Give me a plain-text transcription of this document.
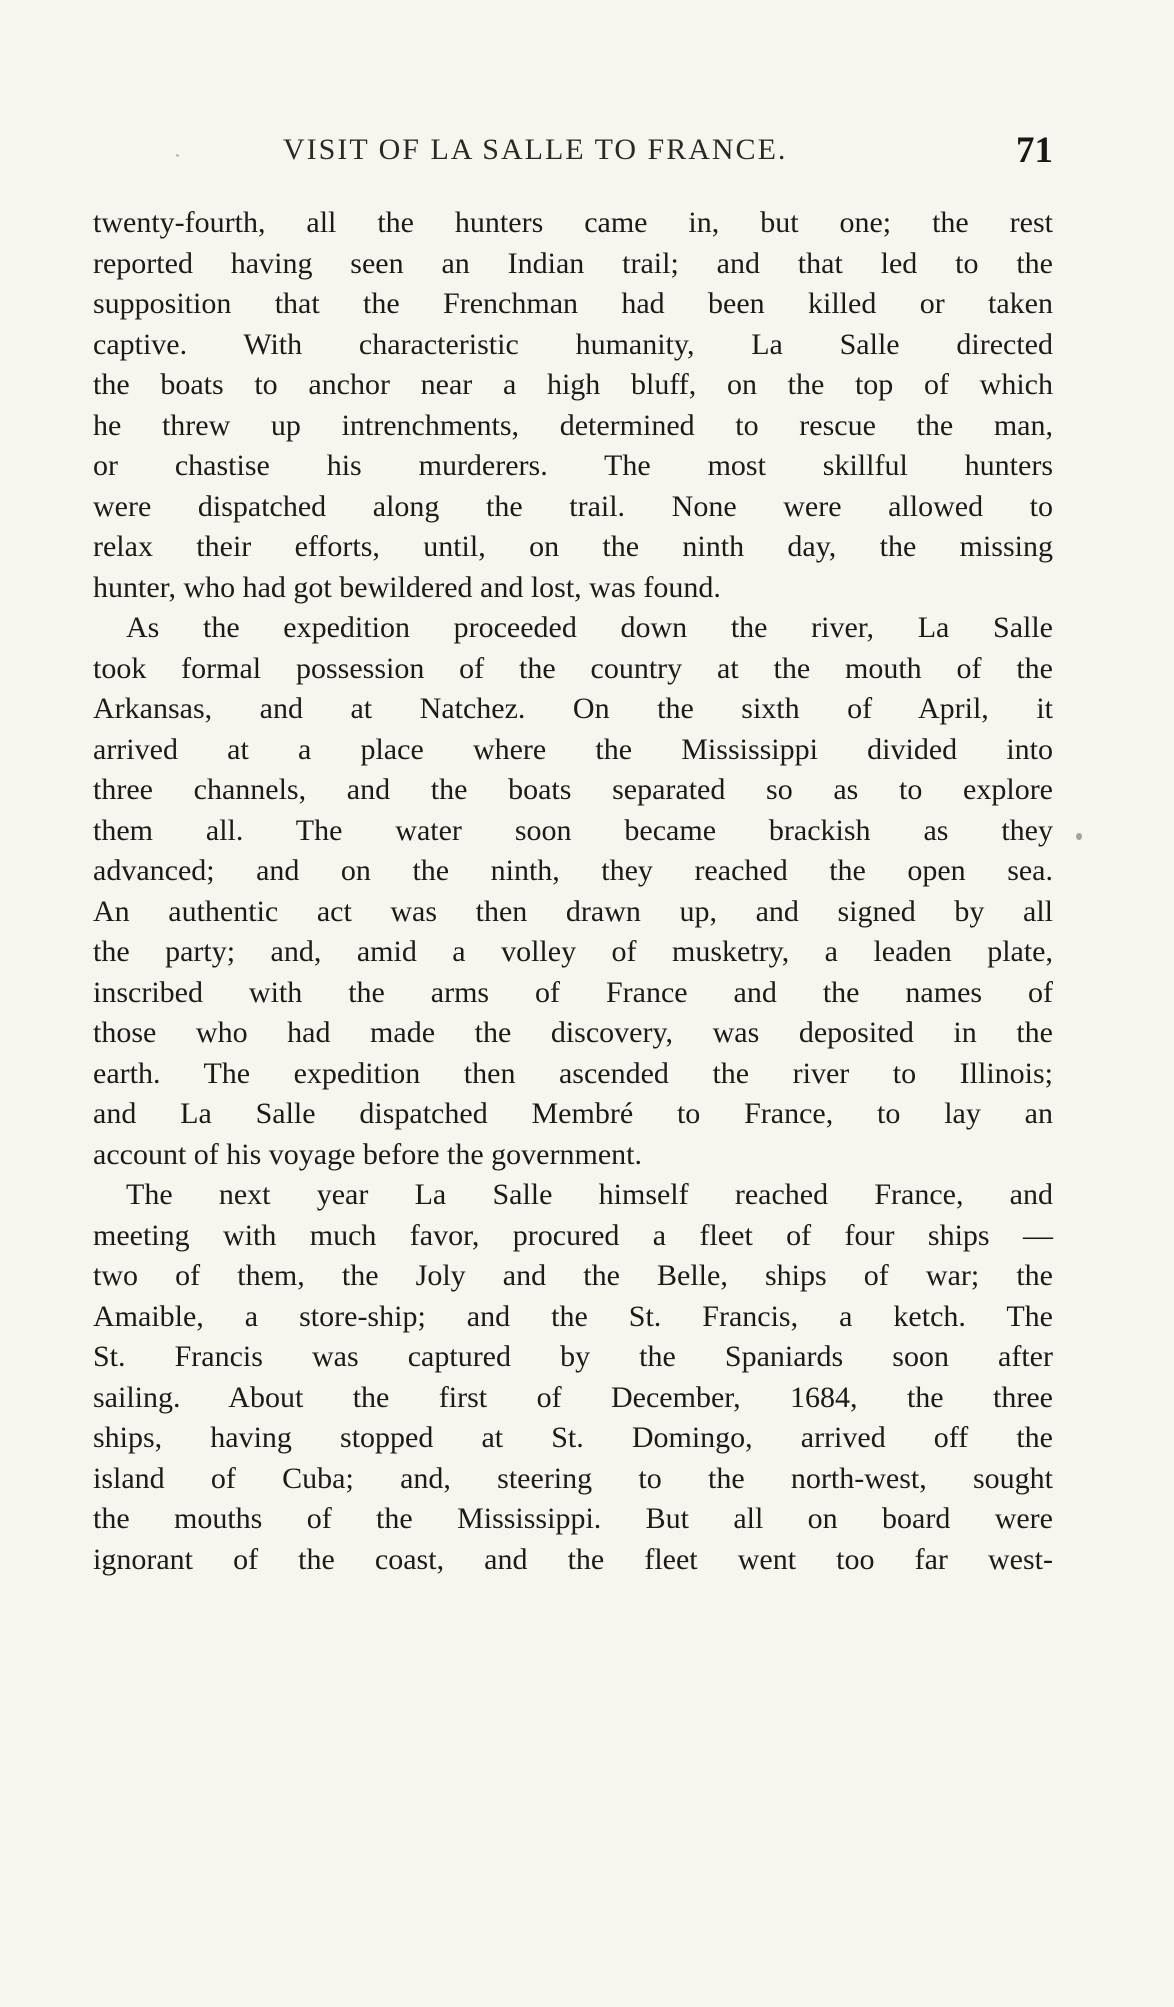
VISIT OF LA SALLE TO FRANCE.	71
twenty-fourth, all the hunters came in, but one; the rest
reported having seen an Indian trail; and that led to the
supposition that the Frenchman had been killed or taken
captive. With characteristic humanity, La Salle directed
the boats to anchor near a high bluff, on the top of which
he threw up intrenchments, determined to rescue the man,
or chastise his murderers. The most skillful hunters
were dispatched along the trail. None were allowed to
relax their efforts, until, on the ninth day, the missing
hunter, who had got bewildered and lost, was found.
As the expedition proceeded down the river, La Salle
took formal possession of the country at the mouth of the
Arkansas, and at Natchez. On the sixth of April, it
arrived at a place where the Mississippi divided into
three channels, and the boats separated so as to explore
them all. The water soon became brackish as they
advanced; and on the ninth, they reached the open sea.
An authentic act was then drawn up, and signed by all
the party; and, amid a volley of musketry, a leaden plate,
inscribed with the arms of France and the names of
those who had made the discovery, was deposited in the
earth. The expedition then ascended the river to Illinois;
and La Salle dispatched Membré to France, to lay an
account of his voyage before the government.
The next year La Salle himself reached France, and
meeting with much favor, procured a fleet of four ships —
two of them, the Joly and the Belle, ships of war; the
Amaible, a store-ship; and the St. Francis, a ketch. The
St. Francis was captured by the Spaniards soon after
sailing. About the first of December, 1684, the three
ships, having stopped at St. Domingo, arrived off the
island of Cuba; and, steering to the north-west, sought
the mouths of the Mississippi. But all on board were
ignorant of the coast, and the fleet went too far west-
